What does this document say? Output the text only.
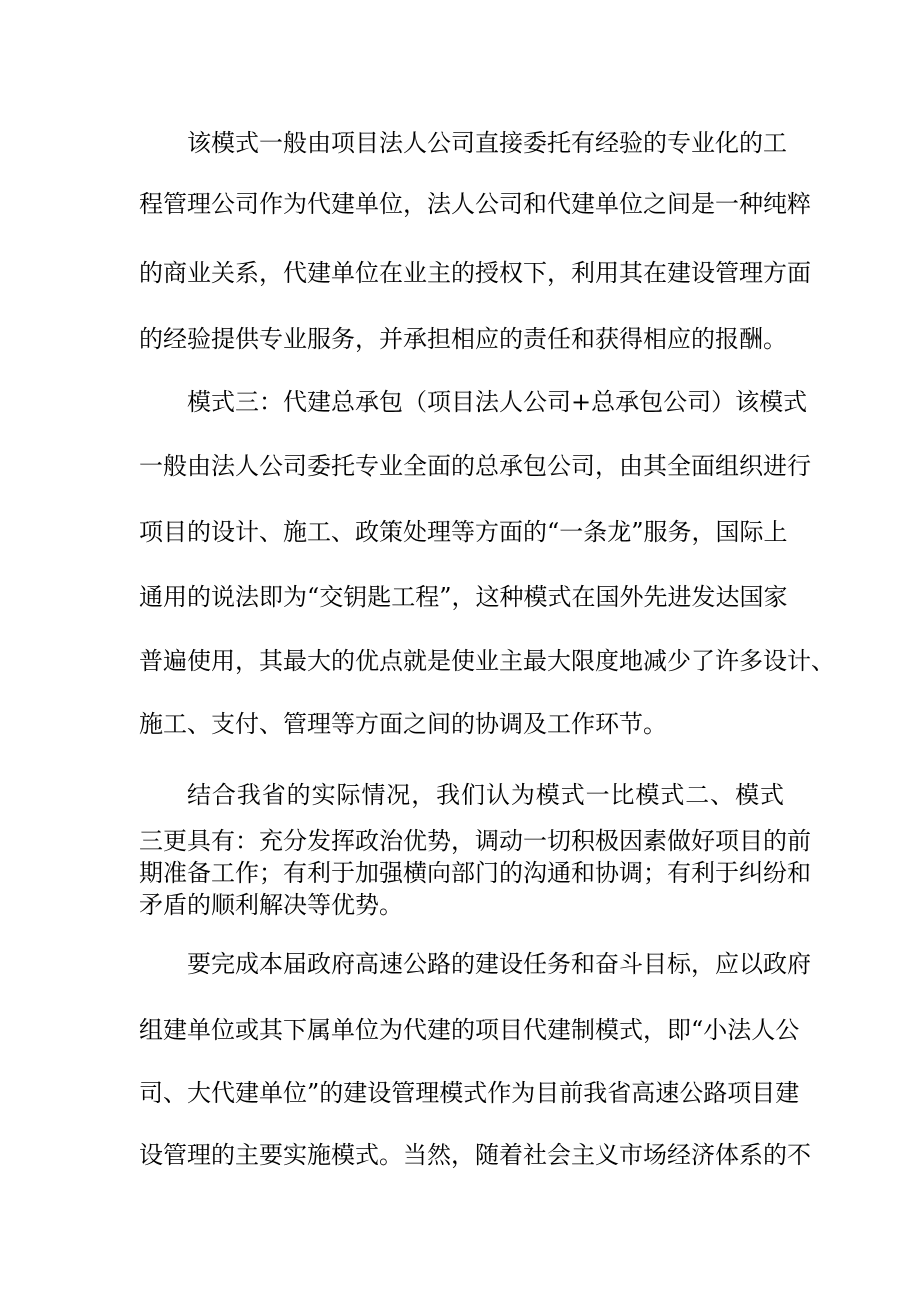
该模式一般由项目法人公司直接委托有经验的专业化的工
程管理公司作为代建单位，法人公司和代建单位之间是一种纯粹
的商业关系，代建单位在业主的授权下，利用其在建设管理方面
的经验提供专业服务，并承担相应的责任和获得相应的报酬。
模式三：代建总承包（项目法人公司+总承包公司）该模式
一般由法人公司委托专业全面的总承包公司，由其全面组织进行
项目的设计、施工、政策处理等方面的“一条龙”服务，国际上
通用的说法即为“交钥匙工程”，这种模式在国外先进发达国家
普遍使用，其最大的优点就是使业主最大限度地减少了许多设计、
施工、支付、管理等方面之间的协调及工作环节。
结合我省的实际情况，我们认为模式一比模式二、模式
三更具有：充分发挥政治优势，调动一切积极因素做好项目的前
期准备工作；有利于加强横向部门的沟通和协调；有利于纠纷和
矛盾的顺利解决等优势。
要完成本届政府高速公路的建设任务和奋斗目标，应以政府
组建单位或其下属单位为代建的项目代建制模式，即“小法人公
司、大代建单位”的建设管理模式作为目前我省高速公路项目建
设管理的主要实施模式。当然，随着社会主义市场经济体系的不
